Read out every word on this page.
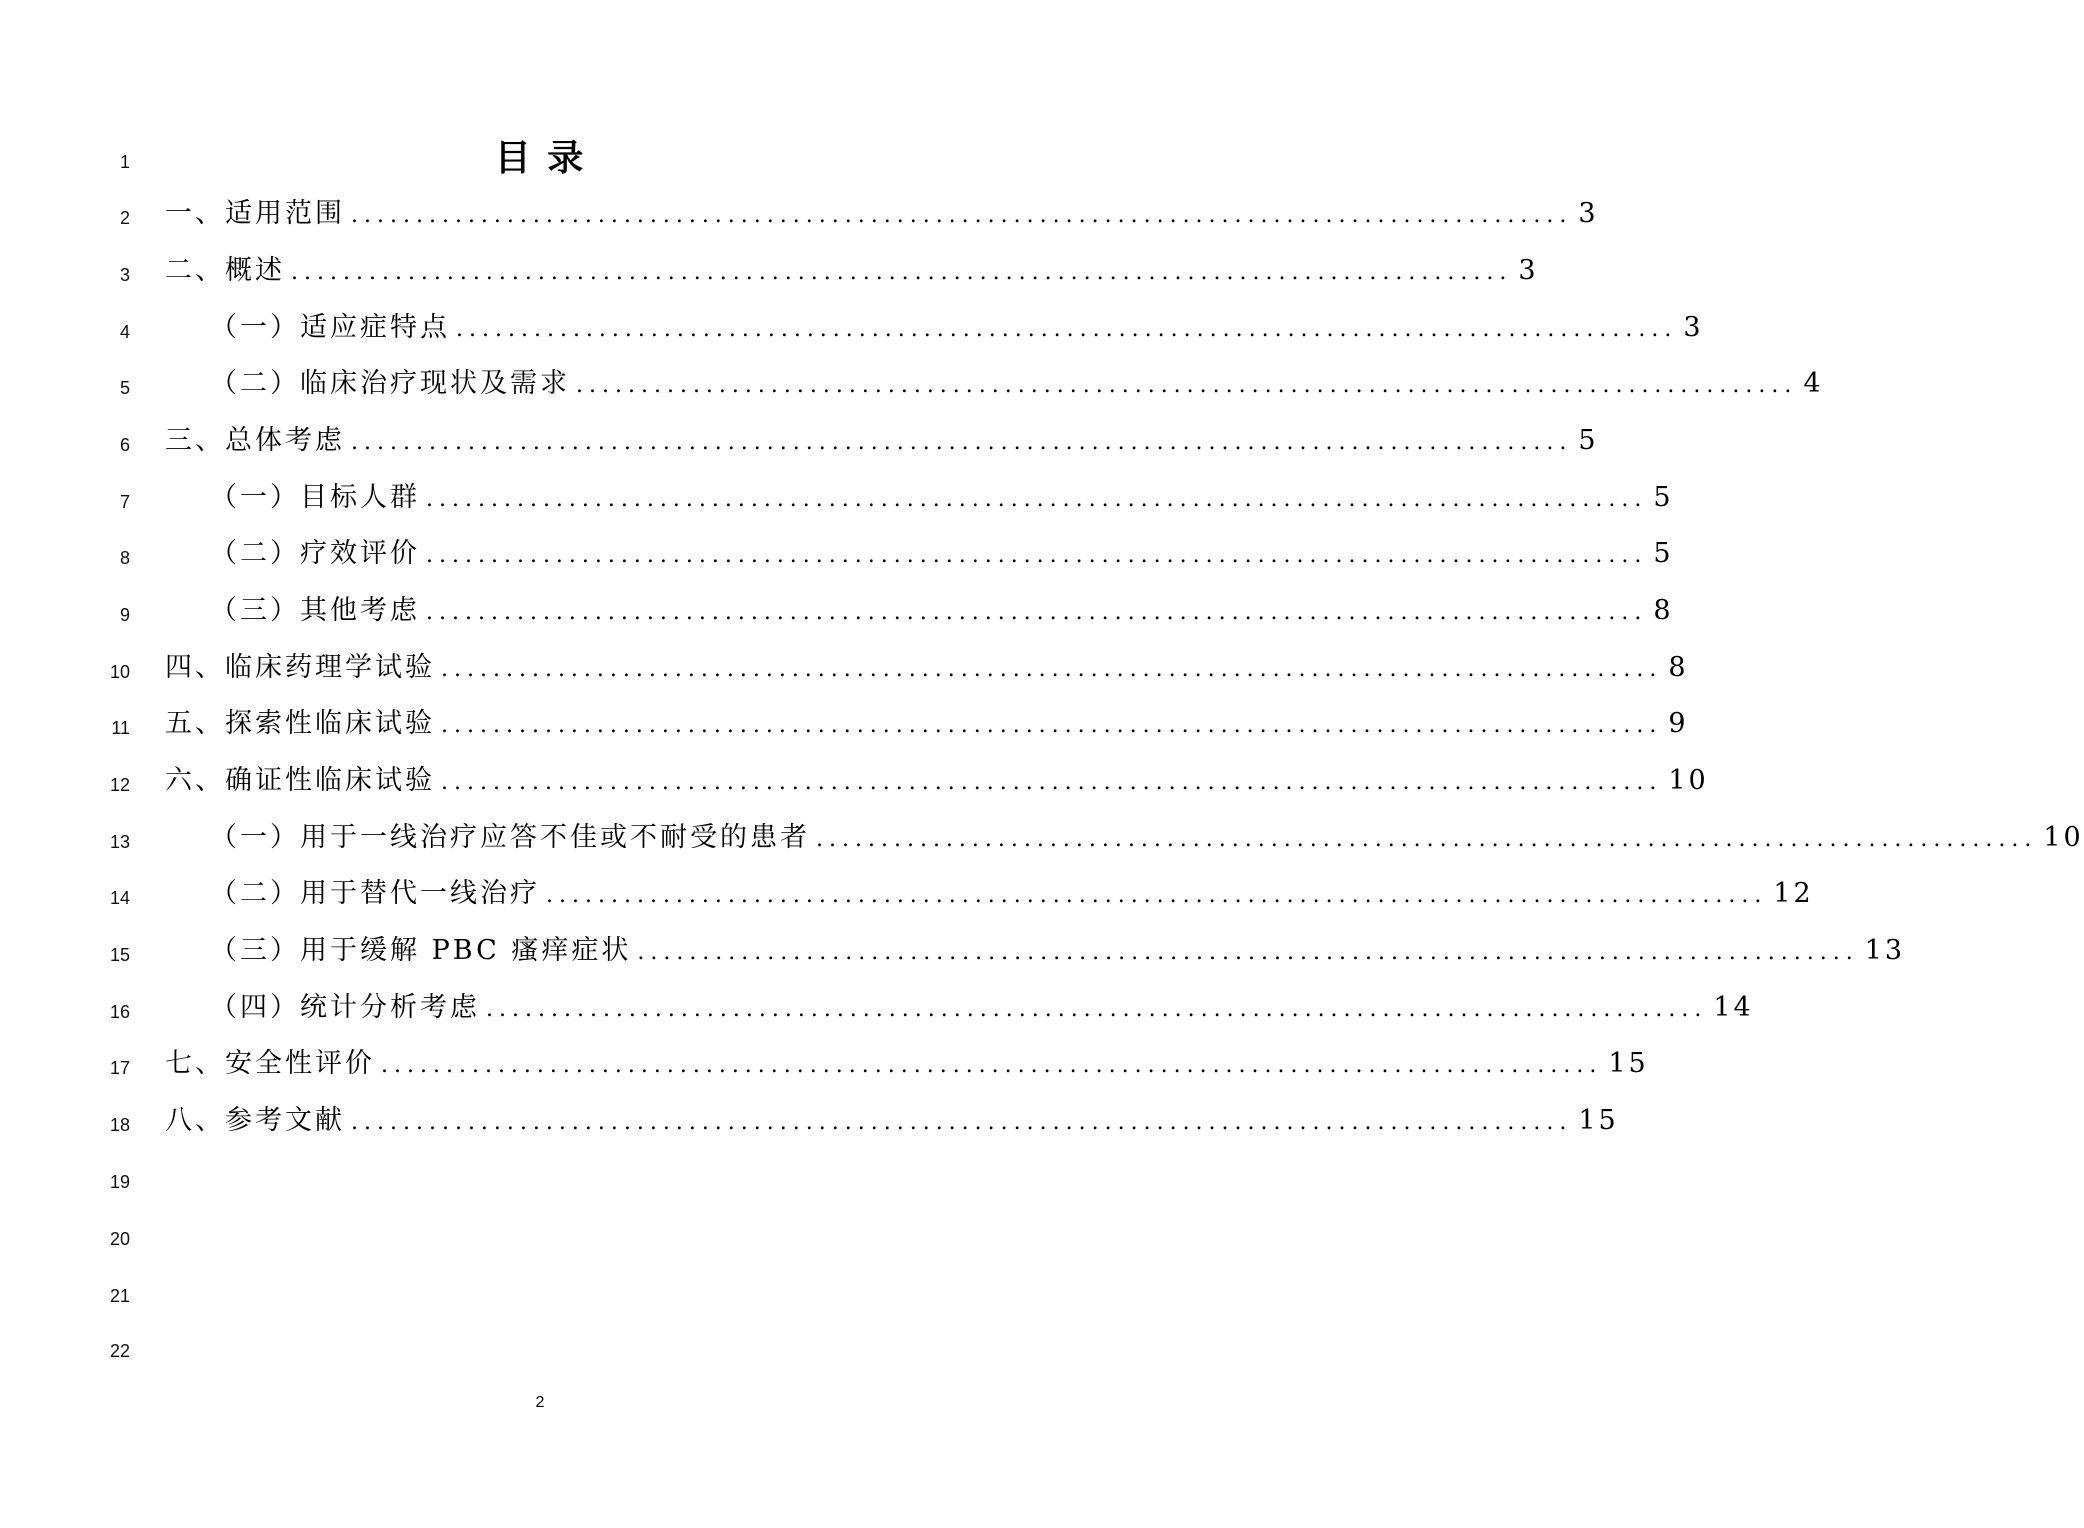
1
2
3
4
5
6
7
8
9
10
11
12
13
14
15
16
17
18
19
20
21
22
目 录
一、适用范围 .............................................................................................. 3
二、概述 .............................................................................................. 3
（一）适应症特点 .............................................................................................. 3
（二）临床治疗现状及需求 .............................................................................................. 4
三、总体考虑 .............................................................................................. 5
（一）目标人群 .............................................................................................. 5
（二）疗效评价 .............................................................................................. 5
（三）其他考虑 .............................................................................................. 8
四、临床药理学试验 .............................................................................................. 8
五、探索性临床试验 .............................................................................................. 9
六、确证性临床试验 .............................................................................................. 10
（一）用于一线治疗应答不佳或不耐受的患者 .............................................................................................. 10
（二）用于替代一线治疗 .............................................................................................. 12
（三）用于缓解 PBC 瘙痒症状 .............................................................................................. 13
（四）统计分析考虑 .............................................................................................. 14
七、安全性评价 .............................................................................................. 15
八、参考文献 .............................................................................................. 15
2
